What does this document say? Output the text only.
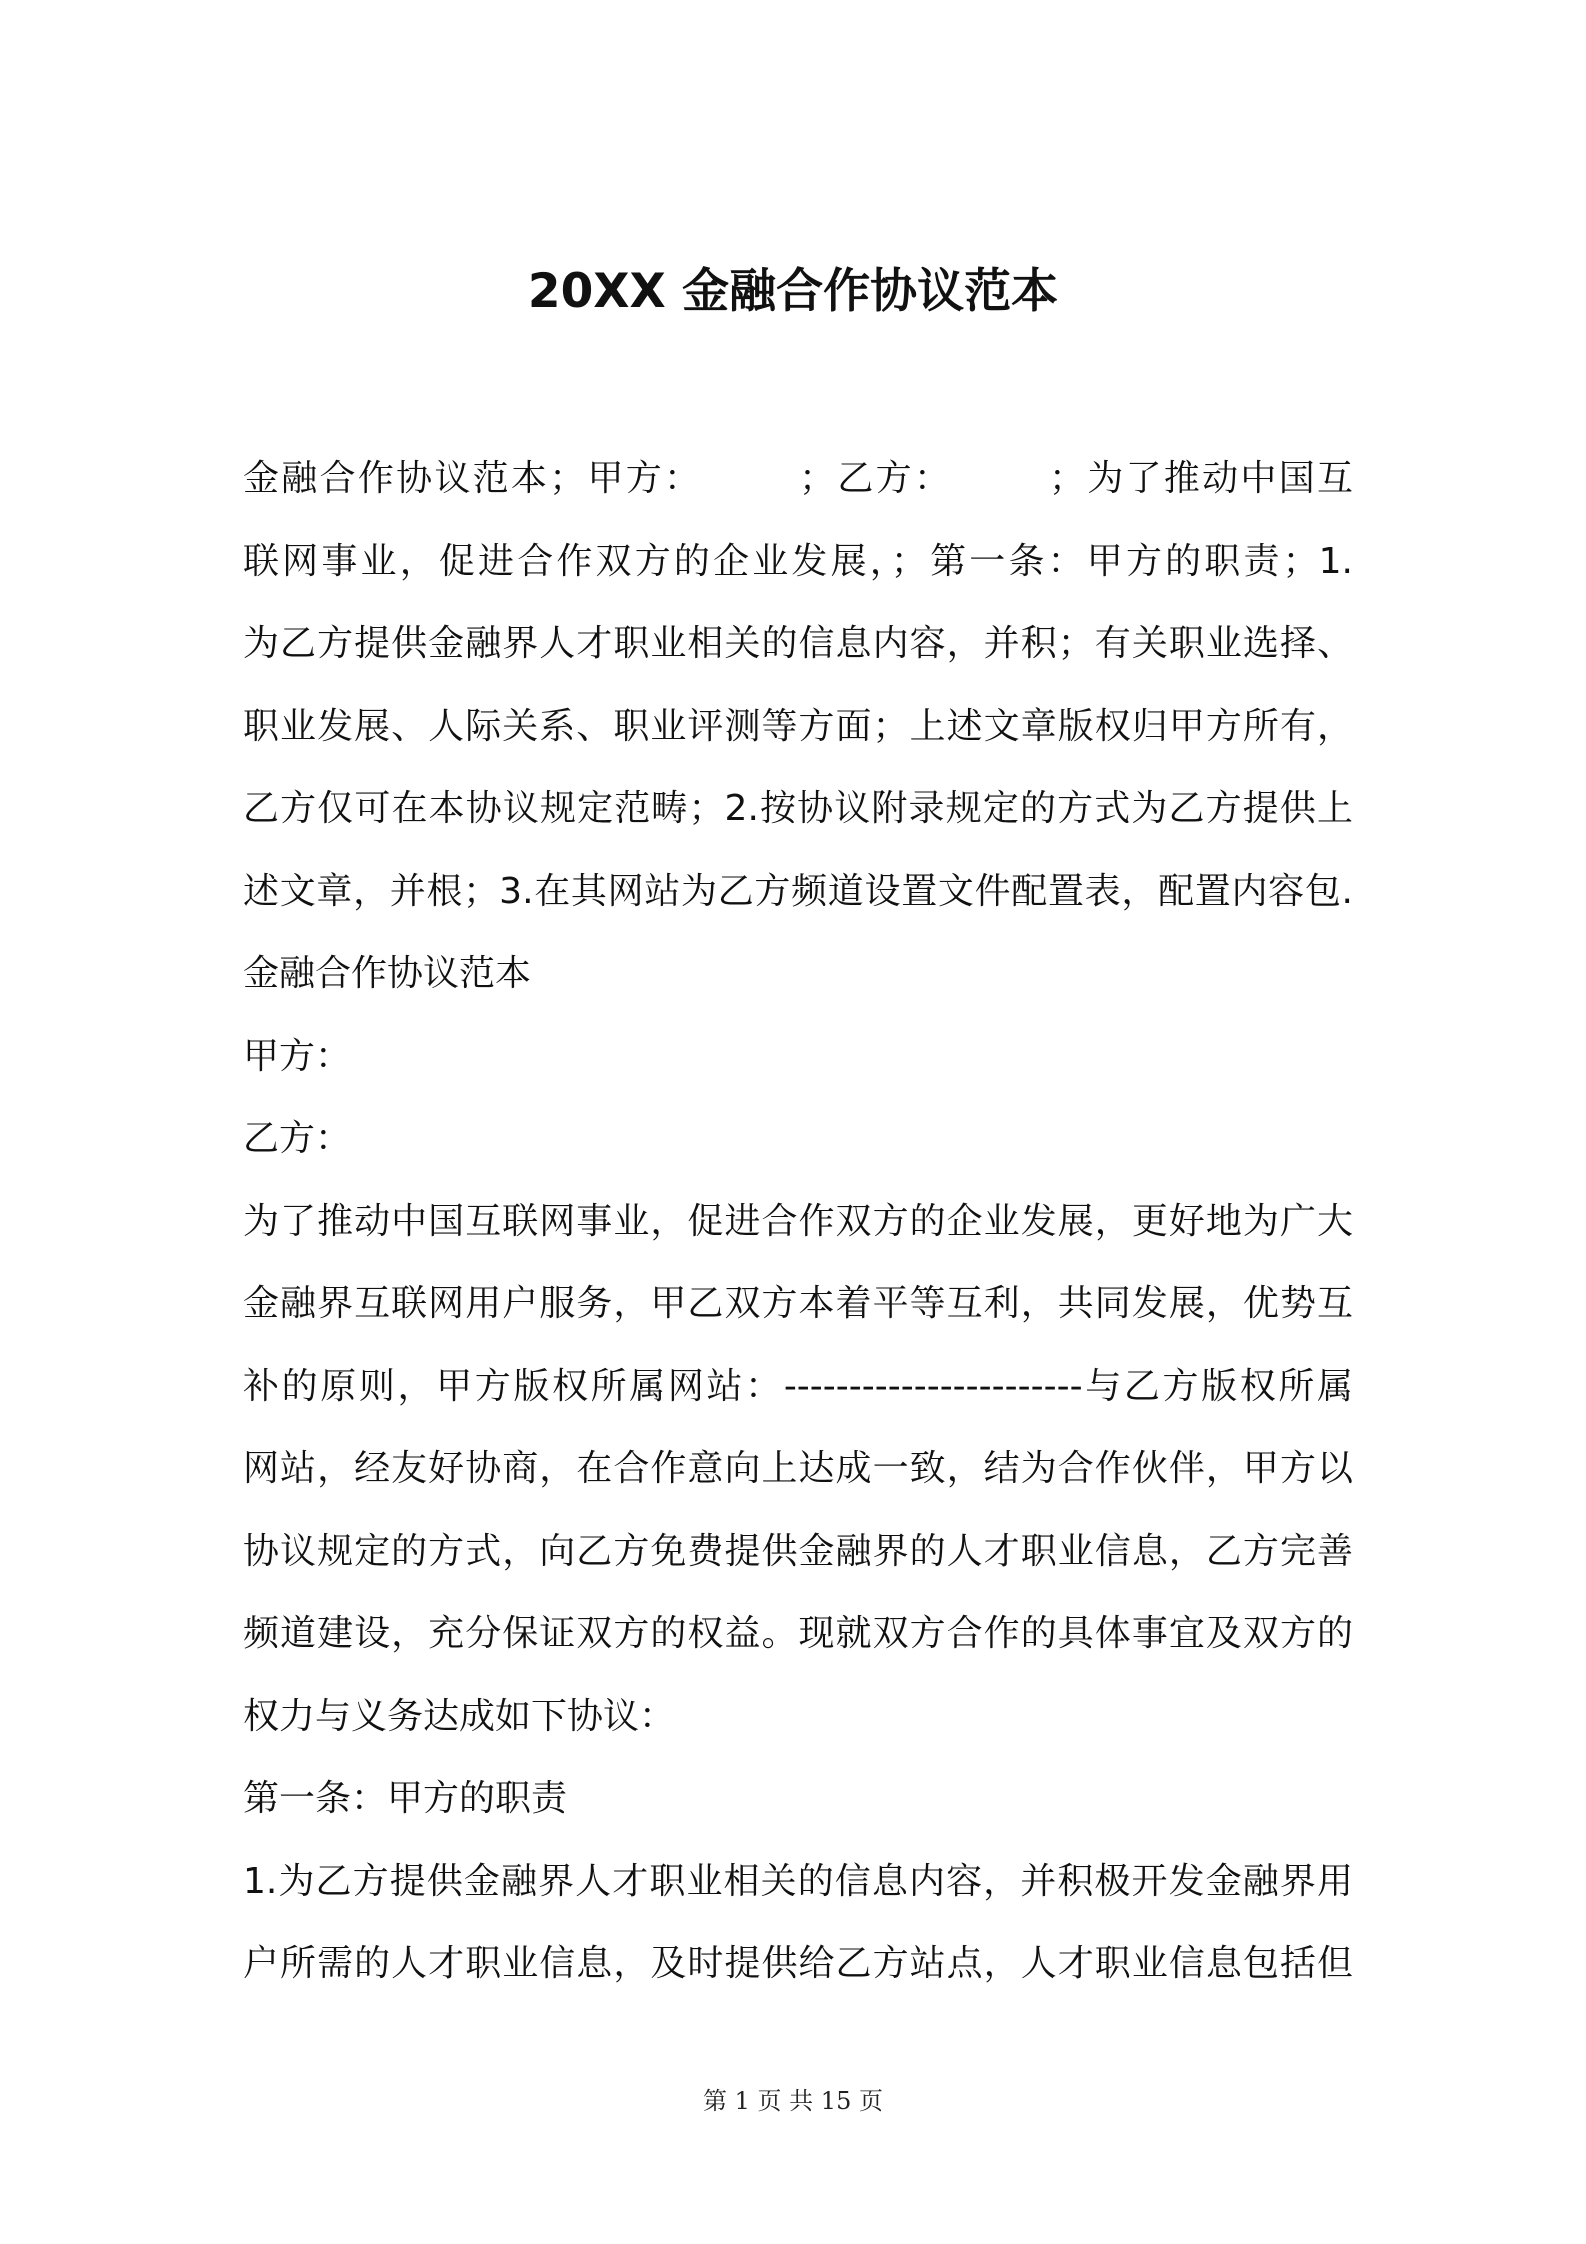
20XX 金融合作协议范本
金融合作协议范本；甲方：　　　；乙方：　　　；为了推动中国互
联网事业，促进合作双方的企业发展，；第一条：甲方的职责；1.
为乙方提供金融界人才职业相关的信息内容，并积；有关职业选择、
职业发展、人际关系、职业评测等方面；上述文章版权归甲方所有，
乙方仅可在本协议规定范畴；2.按协议附录规定的方式为乙方提供上
述文章，并根；3.在其网站为乙方频道设置文件配置表，配置内容包.
金融合作协议范本
甲方：
乙方：
为了推动中国互联网事业，促进合作双方的企业发展，更好地为广大
金融界互联网用户服务，甲乙双方本着平等互利，共同发展，优势互
补的原则，甲方版权所属网站：-----------------------与乙方版权所属
网站，经友好协商，在合作意向上达成一致，结为合作伙伴，甲方以
协议规定的方式，向乙方免费提供金融界的人才职业信息，乙方完善
频道建设，充分保证双方的权益。现就双方合作的具体事宜及双方的
权力与义务达成如下协议：
第一条：甲方的职责
1.为乙方提供金融界人才职业相关的信息内容，并积极开发金融界用
户所需的人才职业信息，及时提供给乙方站点，人才职业信息包括但
第 1 页 共 15 页
